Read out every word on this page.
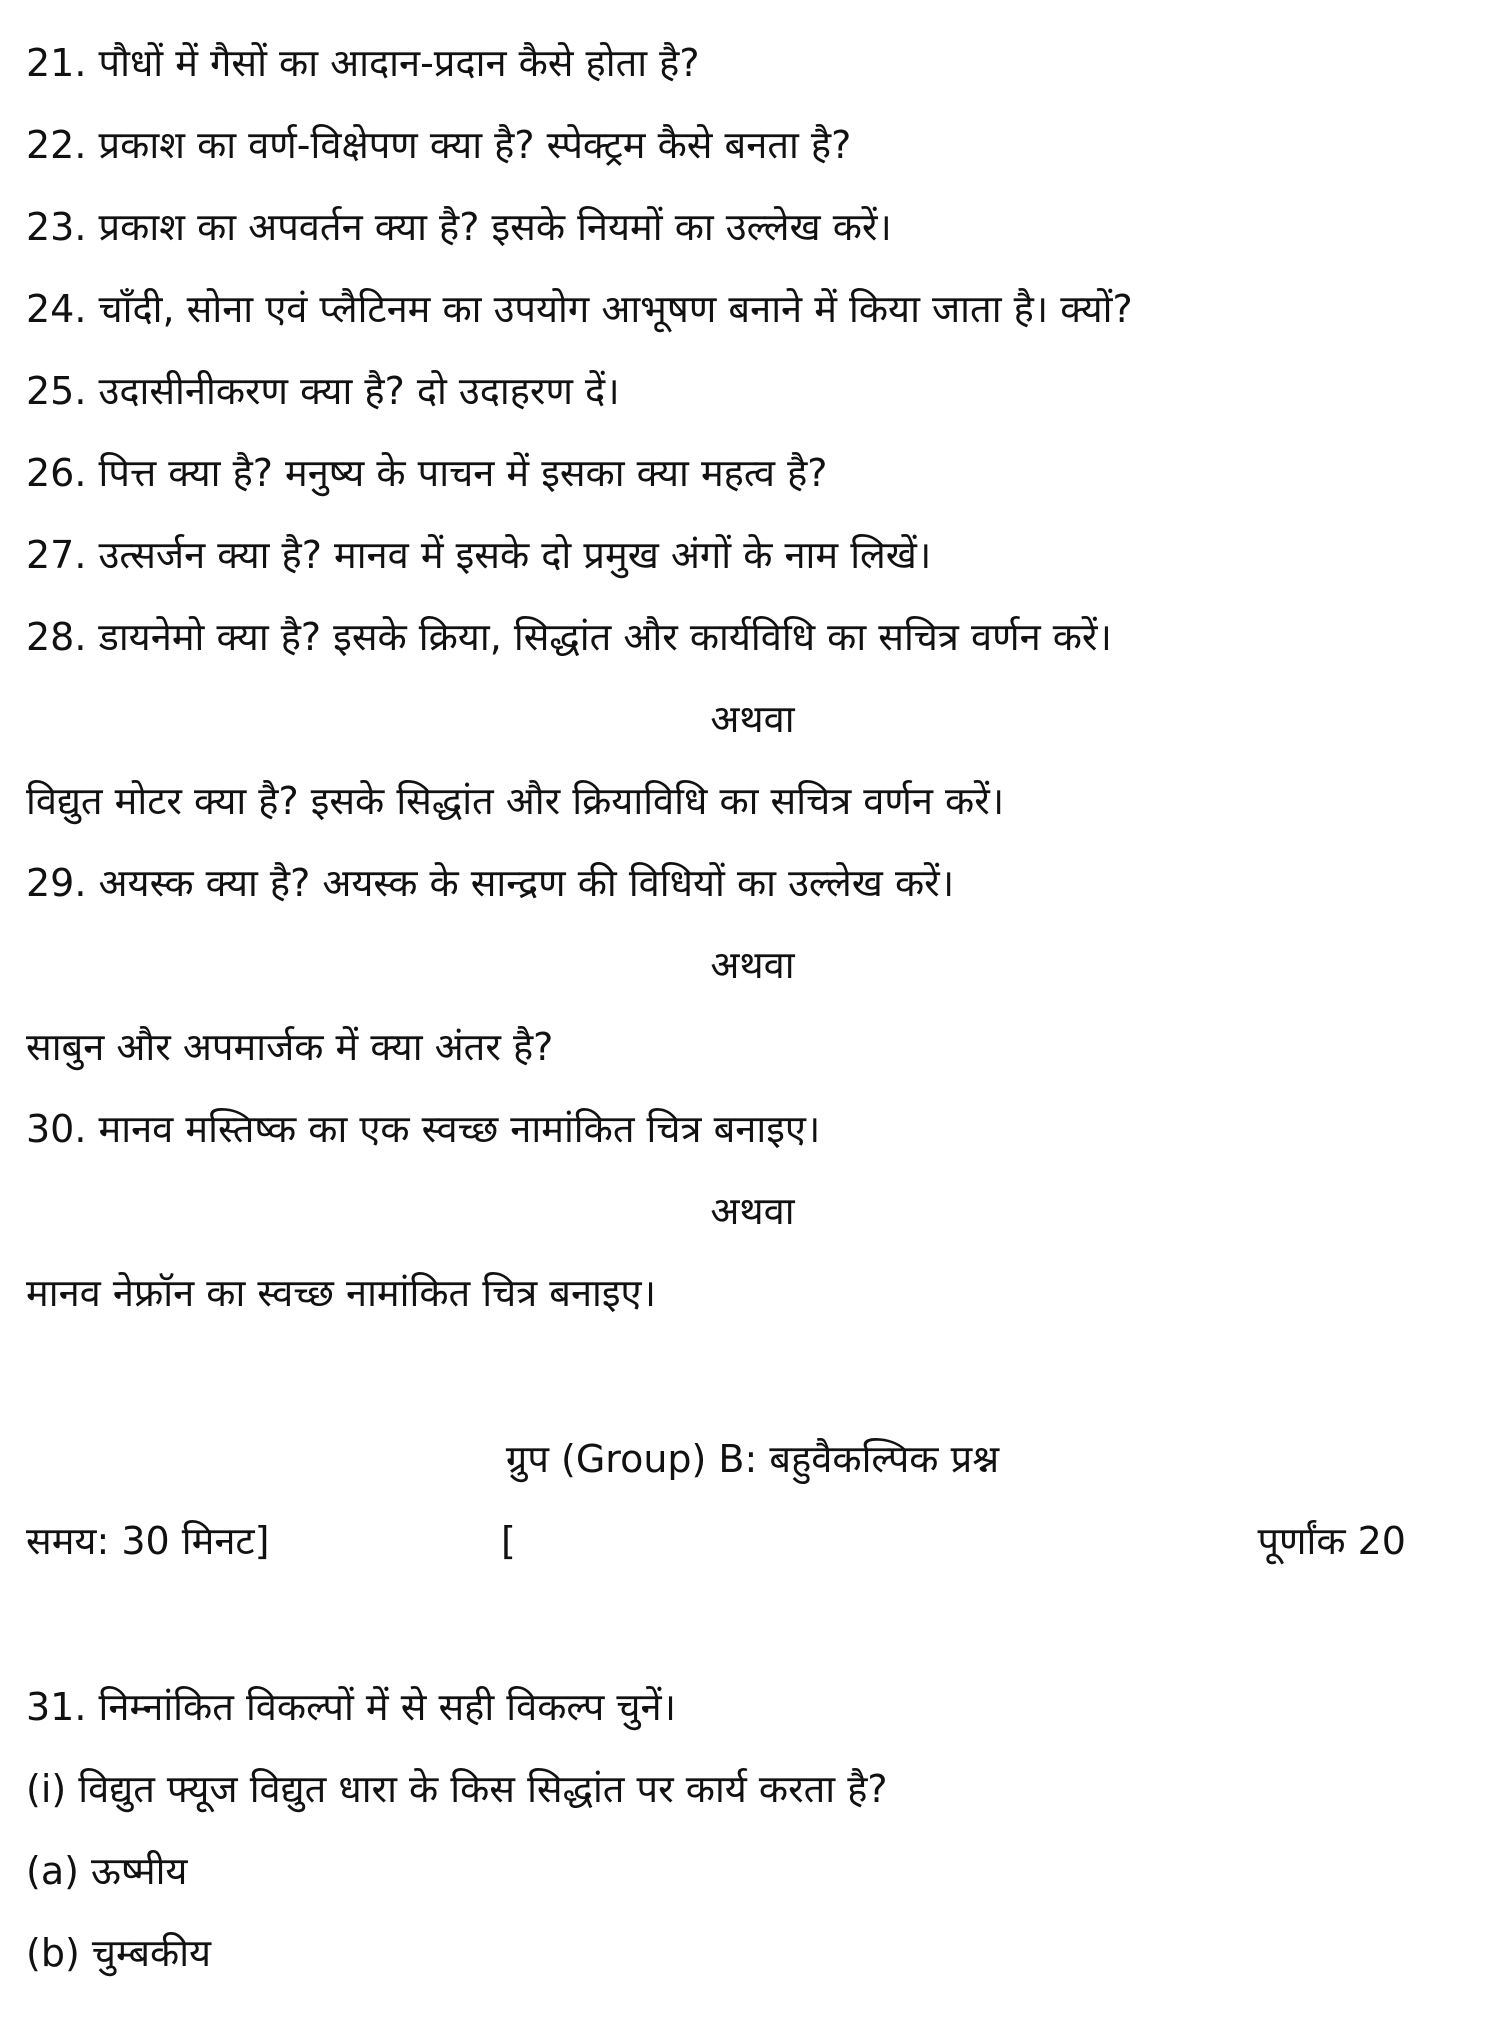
21. पौधों में गैसों का आदान-प्रदान कैसे होता है?
22. प्रकाश का वर्ण-विक्षेपण क्या है? स्पेक्ट्रम कैसे बनता है?
23. प्रकाश का अपवर्तन क्या है? इसके नियमों का उल्लेख करें।
24. चाँदी, सोना एवं प्लैटिनम का उपयोग आभूषण बनाने में किया जाता है। क्यों?
25. उदासीनीकरण क्या है? दो उदाहरण दें।
26. पित्त क्या है? मनुष्य के पाचन में इसका क्या महत्व है?
27. उत्सर्जन क्या है? मानव में इसके दो प्रमुख अंगों के नाम लिखें।
28. डायनेमो क्या है? इसके क्रिया, सिद्धांत और कार्यविधि का सचित्र वर्णन करें।
अथवा
विद्युत मोटर क्या है? इसके सिद्धांत और क्रियाविधि का सचित्र वर्णन करें।
29. अयस्क क्या है? अयस्क के सान्द्रण की विधियों का उल्लेख करें।
अथवा
साबुन और अपमार्जक में क्या अंतर है?
30. मानव मस्तिष्क का एक स्वच्छ नामांकित चित्र बनाइए।
अथवा
मानव नेफ्रॉन का स्वच्छ नामांकित चित्र बनाइए।
ग्रुप (Group) B: बहुवैकल्पिक प्रश्न
समय: 30 मिनट]	[	पूर्णांक 20
31. निम्नांकित विकल्पों में से सही विकल्प चुनें।
(i) विद्युत फ्यूज विद्युत धारा के किस सिद्धांत पर कार्य करता है?
(a) ऊष्मीय
(b) चुम्बकीय
